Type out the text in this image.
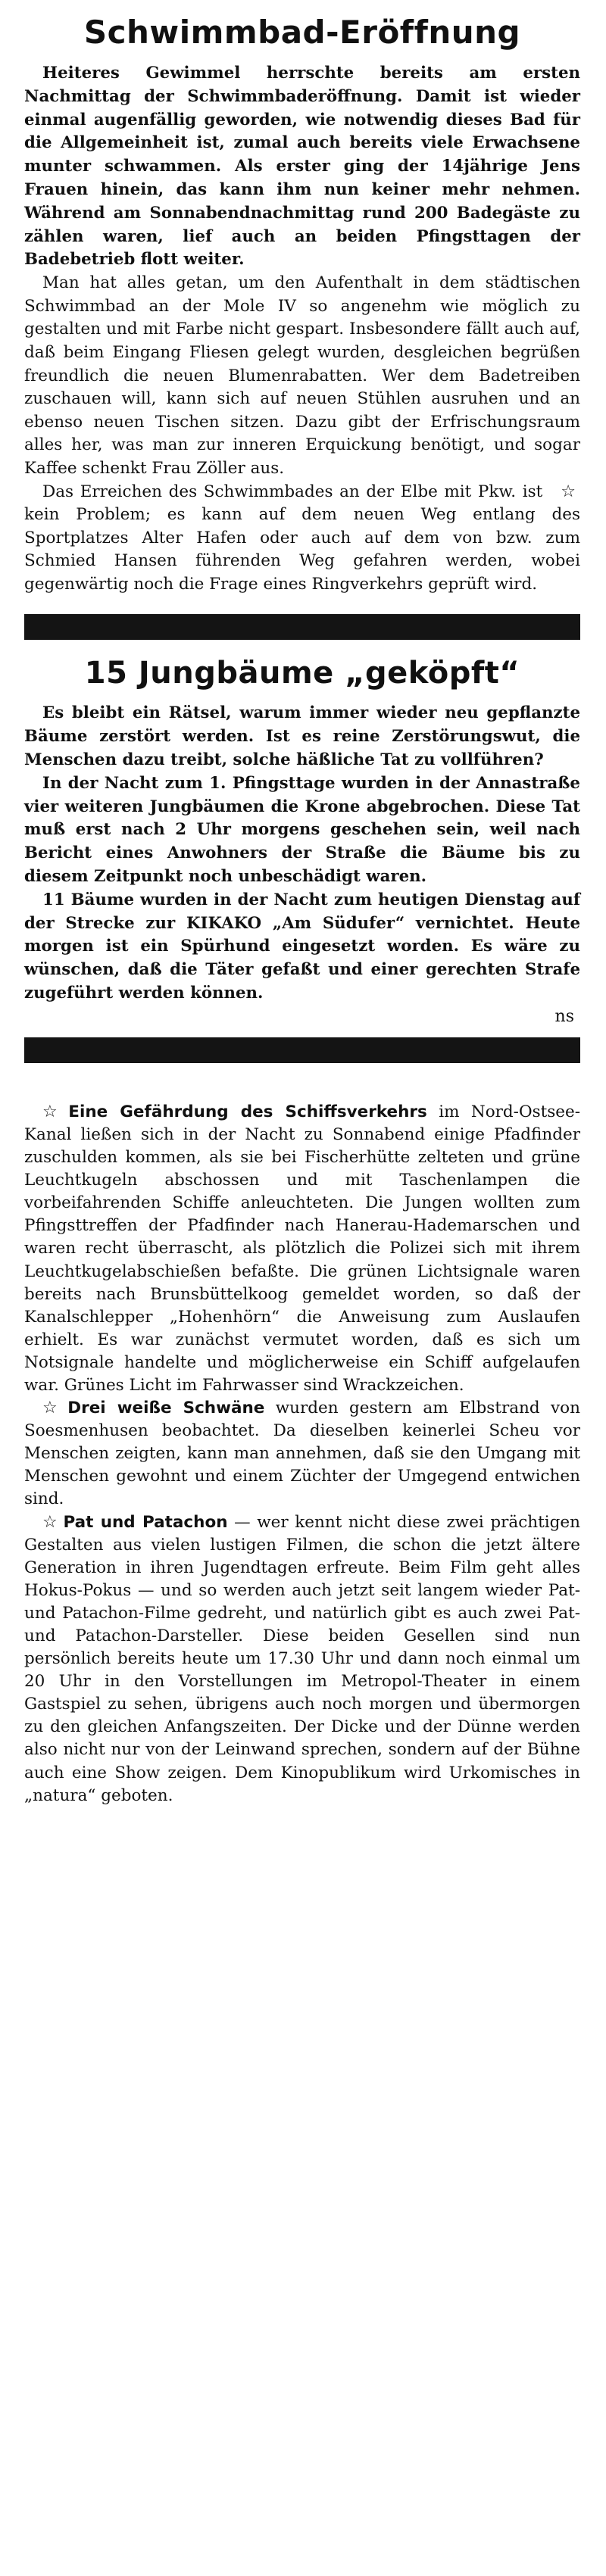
Schwimmbad-Eröffnung

Heiteres Gewimmel herrschte bereits am ersten Nachmittag der Schwimmbaderöffnung. Damit ist wieder einmal augenfällig geworden, wie notwendig dieses Bad für die Allgemeinheit ist, zumal auch bereits viele Erwachsene munter schwammen. Als erster ging der 14jährige Jens Frauen hinein, das kann ihm nun keiner mehr nehmen. Während am Sonnabendnachmittag rund 200 Badegäste zu zählen waren, lief auch an beiden Pfingsttagen der Badebetrieb flott weiter.

Man hat alles getan, um den Aufenthalt in dem städtischen Schwimmbad an der Mole IV so angenehm wie möglich zu gestalten und mit Farbe nicht gespart. Insbesondere fällt auch auf, daß beim Eingang Fliesen gelegt wurden, desgleichen begrüßen freundlich die neuen Blumenrabatten. Wer dem Badetreiben zuschauen will, kann sich auf neuen Stühlen ausruhen und an ebenso neuen Tischen sitzen. Dazu gibt der Erfrischungsraum alles her, was man zur inneren Erquickung benötigt, und sogar Kaffee schenkt Frau Zöller aus.

☆
Das Erreichen des Schwimmbades an der Elbe mit Pkw. ist kein Problem; es kann auf dem neuen Weg entlang des Sportplatzes Alter Hafen oder auch auf dem von bzw. zum Schmied Hansen führenden Weg gefahren werden, wobei gegenwärtig noch die Frage eines Ringverkehrs geprüft wird.

15 Jungbäume „geköpft“

Es bleibt ein Rätsel, warum immer wieder neu gepflanzte Bäume zerstört werden. Ist es reine Zerstörungswut, die Menschen dazu treibt, solche häßliche Tat zu vollführen?

In der Nacht zum 1. Pfingsttage wurden in der Annastraße vier weiteren Jungbäumen die Krone abgebrochen. Diese Tat muß erst nach 2 Uhr morgens geschehen sein, weil nach Bericht eines Anwohners der Straße die Bäume bis zu diesem Zeitpunkt noch unbeschädigt waren.

11 Bäume wurden in der Nacht zum heutigen Dienstag auf der Strecke zur KIKAKO „Am Südufer“ vernichtet. Heute morgen ist ein Spürhund eingesetzt worden. Es wäre zu wünschen, daß die Täter gefaßt und einer gerechten Strafe zugeführt werden können.

ns

☆ Eine Gefährdung des Schiffsverkehrs im Nord-Ostsee-Kanal ließen sich in der Nacht zu Sonnabend einige Pfadfinder zuschulden kommen, als sie bei Fischerhütte zelteten und grüne Leuchtkugeln abschossen und mit Taschenlampen die vorbeifahrenden Schiffe anleuchteten. Die Jungen wollten zum Pfingsttreffen der Pfadfinder nach Hanerau-Hademarschen und waren recht überrascht, als plötzlich die Polizei sich mit ihrem Leuchtkugelabschießen befaßte. Die grünen Lichtsignale waren bereits nach Brunsbüttelkoog gemeldet worden, so daß der Kanalschlepper „Hohenhörn“ die Anweisung zum Auslaufen erhielt. Es war zunächst vermutet worden, daß es sich um Notsignale handelte und möglicherweise ein Schiff aufgelaufen war. Grünes Licht im Fahrwasser sind Wrackzeichen.

☆ Drei weiße Schwäne wurden gestern am Elbstrand von Soesmenhusen beobachtet. Da dieselben keinerlei Scheu vor Menschen zeigten, kann man annehmen, daß sie den Umgang mit Menschen gewohnt und einem Züchter der Umgegend entwichen sind.

☆ Pat und Patachon — wer kennt nicht diese zwei prächtigen Gestalten aus vielen lustigen Filmen, die schon die jetzt ältere Generation in ihren Jugendtagen erfreute. Beim Film geht alles Hokus-Pokus — und so werden auch jetzt seit langem wieder Pat- und Patachon-Filme gedreht, und natürlich gibt es auch zwei Pat- und Patachon-Darsteller. Diese beiden Gesellen sind nun persönlich bereits heute um 17.30 Uhr und dann noch einmal um 20 Uhr in den Vorstellungen im Metropol-Theater in einem Gastspiel zu sehen, übrigens auch noch morgen und übermorgen zu den gleichen Anfangszeiten. Der Dicke und der Dünne werden also nicht nur von der Leinwand sprechen, sondern auf der Bühne auch eine Show zeigen. Dem Kinopublikum wird Urkomisches in „natura“ geboten.
